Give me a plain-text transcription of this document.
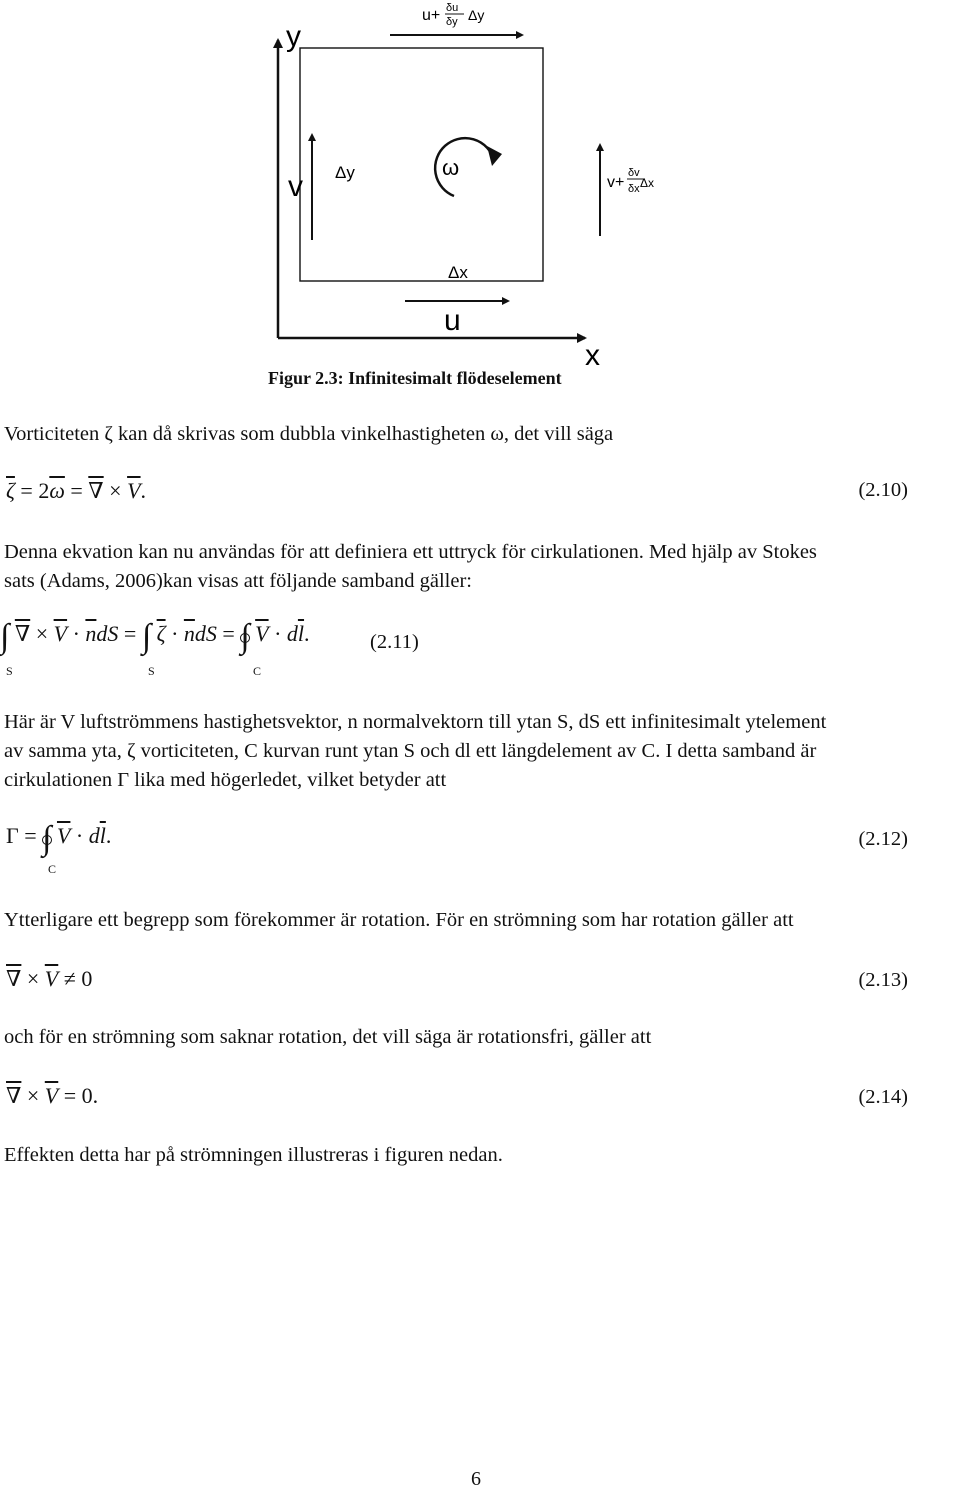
y
x
u+ δu
δy Δy
v Δy	ω
v+
δv
δx Δx
Δx
u
Figur 2.3: Infinitesimalt flödeselement
Vorticiteten ζ kan då skrivas som dubbla vinkelhastigheten ω, det vill säga
$\overline{\zeta} = 2\overline{\omega}$ = ∇ × $\overline{V}$.	(2.10)
Denna ekvation kan nu användas för att definiera ett uttryck för cirkulationen. Med hjälp av Stokes
sats (Adams, 2006)kan visas att följande samband gäller:
∫ ∇ × $\overline{V} \cdot \overline{n}dS$ = ∫ $\overline{\zeta} \cdot \overline{n}dS$ = ∫ $\overline{V} \cdot d\overline{l}$.
S	S	C
(2.11)
Här är V luftströmmens hastighetsvektor, n normalvektorn till ytan S, dS ett infinitesimalt ytelement
av samma yta, ζ vorticiteten, C kurvan runt ytan S och dl ett längdelement av C. I detta samband är
cirkulationen Γ lika med högerledet, vilket betyder att
Γ = ∫ $\overline{V} \cdot d\overline{l}$.
C
(2.12)
Ytterligare ett begrepp som förekommer är rotation. För en strömning som har rotation gäller att
∇ × $\overline{V} \ne 0$	(2.13)
och för en strömning som saknar rotation, det vill säga är rotationsfri, gäller att
∇ × $\overline{V} = 0$.	(2.14)
Effekten detta har på strömningen illustreras i figuren nedan.
6
